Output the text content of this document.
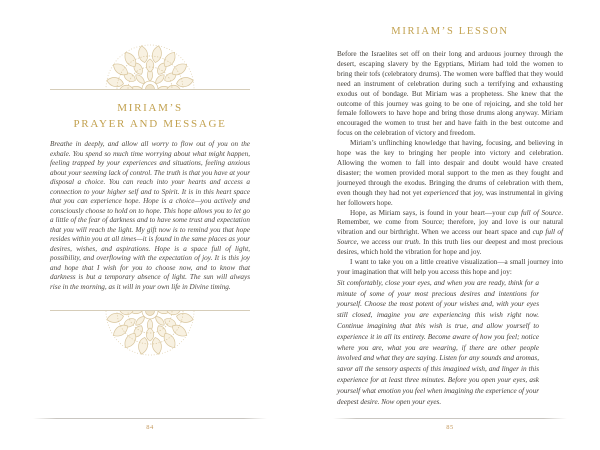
MIRIAM’S
PRAYER AND MESSAGE

Breathe in deeply, and allow all worry to flow out of you on the exhale. You spend so much time worrying about what might happen, feeling trapped by your experiences and situations, feeling anxious about your seeming lack of control. The truth is that you have at your disposal a choice. You can reach into your hearts and access a connection to your higher self and to Spirit. It is in this heart space that you can experience hope. Hope is a choice—you actively and consciously choose to hold on to hope. This hope allows you to let go a little of the fear of darkness and to have some trust and expectation that you will reach the light. My gift now is to remind you that hope resides within you at all times—it is found in the same places as your desires, wishes, and aspirations. Hope is a space full of light, possibility, and overflowing with the expectation of joy. It is this joy and hope that I wish for you to choose now, and to know that darkness is but a temporary absence of light. The sun will always rise in the morning, as it will in your own life in Divine timing.

84
MIRIAM’S LESSON

Before the Israelites set off on their long and arduous journey through the desert, escaping slavery by the Egyptians, Miriam had told the women to bring their tofs (celebratory drums). The women were baffled that they would need an instrument of celebration during such a terrifying and exhausting exodus out of bondage. But Miriam was a prophetess. She knew that the outcome of this journey was going to be one of rejoicing, and she told her female followers to have hope and bring those drums along anyway. Miriam encouraged the women to trust her and have faith in the best outcome and focus on the celebration of victory and freedom.

Miriam’s unflinching knowledge that having, focusing, and believing in hope was the key to bringing her people into victory and celebration. Allowing the women to fall into despair and doubt would have created disaster; the women provided moral support to the men as they fought and journeyed through the exodus. Bringing the drums of celebration with them, even though they had not yet experienced that joy, was instrumental in giving her followers hope.

Hope, as Miriam says, is found in your heart—your cup full of Source. Remember, we come from Source; therefore, joy and love is our natural vibration and our birthright. When we access our heart space and cup full of Source, we access our truth. In this truth lies our deepest and most precious desires, which hold the vibration for hope and joy.

I want to take you on a little creative visualization—a small journey into your imagination that will help you access this hope and joy:

Sit comfortably, close your eyes, and when you are ready, think for a minute of some of your most precious desires and intentions for yourself. Choose the most potent of your wishes and, with your eyes still closed, imagine you are experiencing this wish right now. Continue imagining that this wish is true, and allow yourself to experience it in all its entirety. Become aware of how you feel; notice where you are, what you are wearing, if there are other people involved and what they are saying. Listen for any sounds and aromas, savor all the sensory aspects of this imagined wish, and linger in this experience for at least three minutes. Before you open your eyes, ask yourself what emotion you feel when imagining the experience of your deepest desire. Now open your eyes.

85
